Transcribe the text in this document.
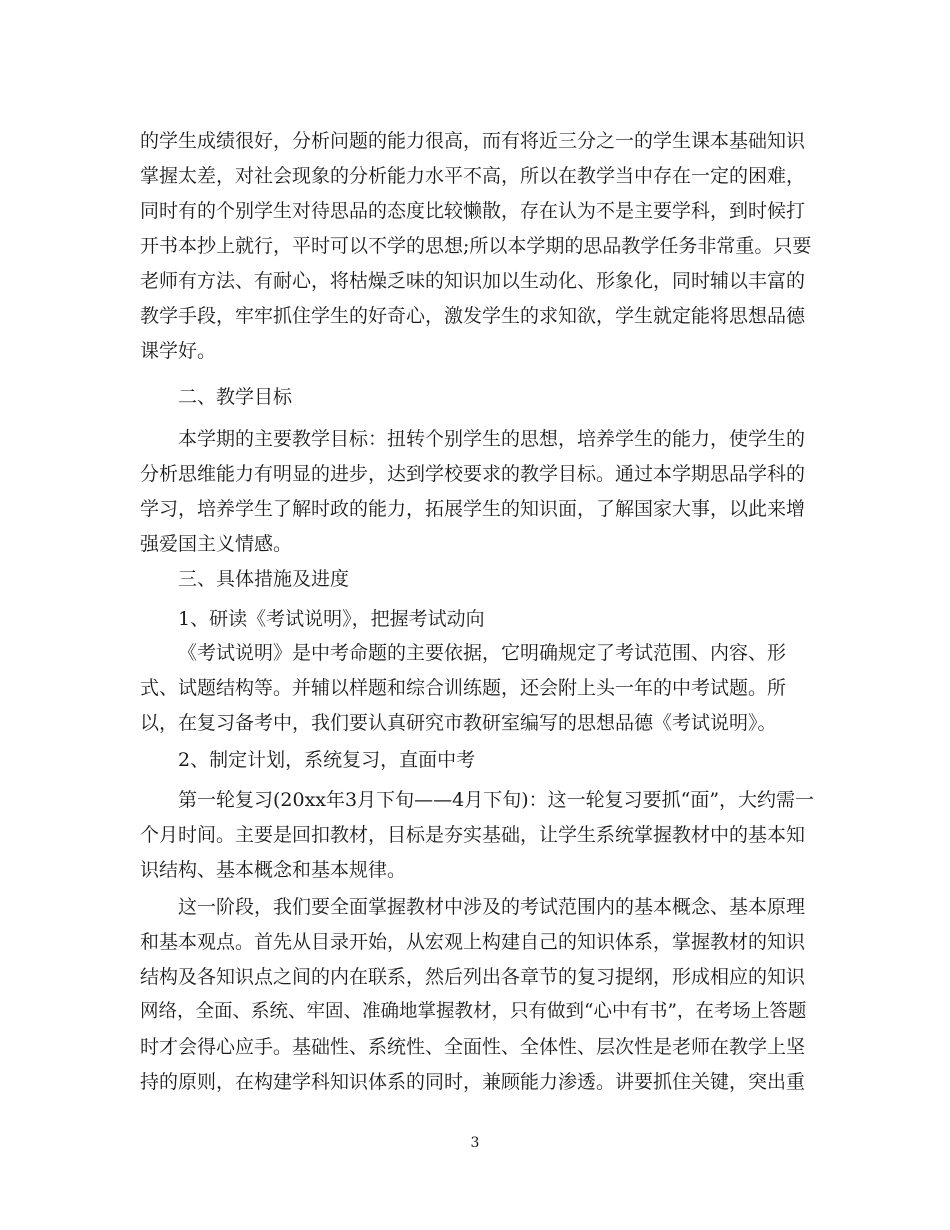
的学生成绩很好，分析问题的能力很高，而有将近三分之一的学生课本基础知识
掌握太差，对社会现象的分析能力水平不高，所以在教学当中存在一定的困难，
同时有的个别学生对待思品的态度比较懒散，存在认为不是主要学科，到时候打
开书本抄上就行，平时可以不学的思想;所以本学期的思品教学任务非常重。只要
老师有方法、有耐心，将枯燥乏味的知识加以生动化、形象化，同时辅以丰富的
教学手段，牢牢抓住学生的好奇心，激发学生的求知欲，学生就定能将思想品德
课学好。
二、教学目标
本学期的主要教学目标：扭转个别学生的思想，培养学生的能力，使学生的
分析思维能力有明显的进步，达到学校要求的教学目标。通过本学期思品学科的
学习，培养学生了解时政的能力，拓展学生的知识面，了解国家大事，以此来增
强爱国主义情感。
三、具体措施及进度
1、研读《考试说明》，把握考试动向
《考试说明》是中考命题的主要依据，它明确规定了考试范围、内容、形
式、试题结构等。并辅以样题和综合训练题，还会附上头一年的中考试题。所
以，在复习备考中，我们要认真研究市教研室编写的思想品德《考试说明》。
2、制定计划，系统复习，直面中考
第一轮复习(20xx年3月下旬——4月下旬)：这一轮复习要抓“面”，大约需一
个月时间。主要是回扣教材，目标是夯实基础，让学生系统掌握教材中的基本知
识结构、基本概念和基本规律。
这一阶段，我们要全面掌握教材中涉及的考试范围内的基本概念、基本原理
和基本观点。首先从目录开始，从宏观上构建自己的知识体系，掌握教材的知识
结构及各知识点之间的内在联系，然后列出各章节的复习提纲，形成相应的知识
网络，全面、系统、牢固、准确地掌握教材，只有做到“心中有书”，在考场上答题
时才会得心应手。基础性、系统性、全面性、全体性、层次性是老师在教学上坚
持的原则，在构建学科知识体系的同时，兼顾能力渗透。讲要抓住关键，突出重
3
